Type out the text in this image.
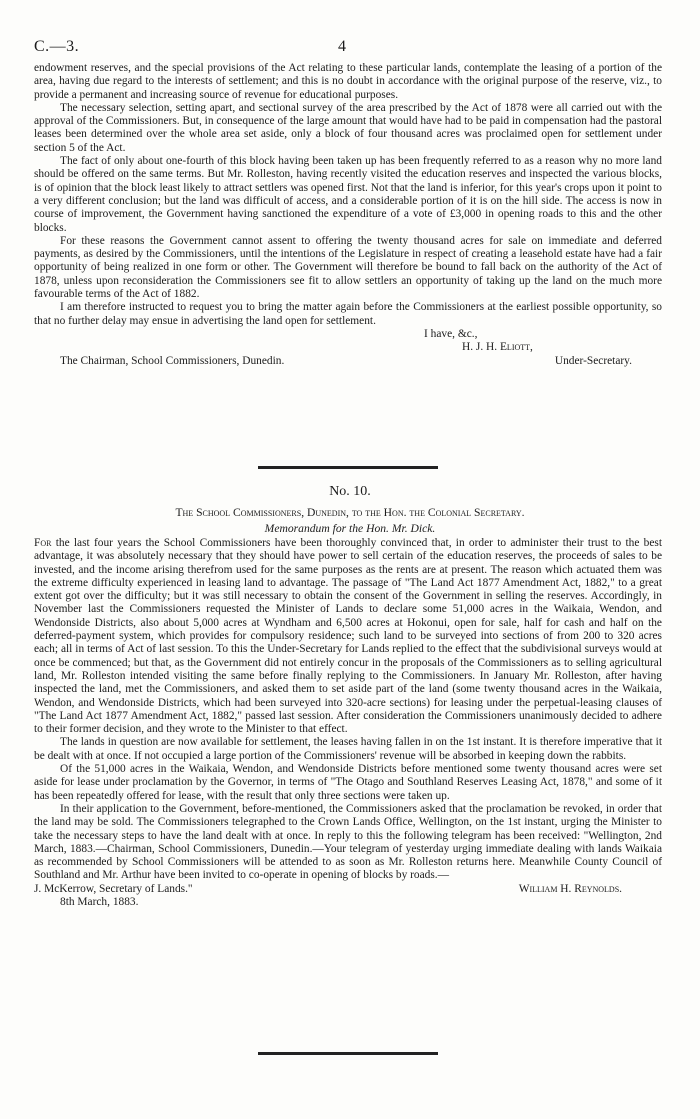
C.—3.	4

endowment reserves, and the special provisions of the Act relating to these particular lands, contemplate the leasing of a portion of the area, having due regard to the interests of settlement; and this is no doubt in accordance with the original purpose of the reserve, viz., to provide a permanent and increasing source of revenue for educational purposes.

The necessary selection, setting apart, and sectional survey of the area prescribed by the Act of 1878 were all carried out with the approval of the Commissioners. But, in consequence of the large amount that would have had to be paid in compensation had the pastoral leases been determined over the whole area set aside, only a block of four thousand acres was proclaimed open for settlement under section 5 of the Act.

The fact of only about one-fourth of this block having been taken up has been frequently referred to as a reason why no more land should be offered on the same terms. But Mr. Rolleston, having recently visited the education reserves and inspected the various blocks, is of opinion that the block least likely to attract settlers was opened first. Not that the land is inferior, for this year's crops upon it point to a very different conclusion; but the land was difficult of access, and a considerable portion of it is on the hill side. The access is now in course of improvement, the Government having sanctioned the expenditure of a vote of £3,000 in opening roads to this and the other blocks.

For these reasons the Government cannot assent to offering the twenty thousand acres for sale on immediate and deferred payments, as desired by the Commissioners, until the intentions of the Legislature in respect of creating a leasehold estate have had a fair opportunity of being realized in one form or other. The Government will therefore be bound to fall back on the authority of the Act of 1878, unless upon reconsideration the Commissioners see fit to allow settlers an opportunity of taking up the land on the much more favourable terms of the Act of 1882.

I am therefore instructed to request you to bring the matter again before the Commissioners at the earliest possible opportunity, so that no further delay may ensue in advertising the land open for settlement.

I have, &c.,
H. J. H. Eliott,
The Chairman, School Commissioners, Dunedin.	Under-Secretary.
No. 10.
The School Commissioners, Dunedin, to the Hon. the Colonial Secretary.
Memorandum for the Hon. Mr. Dick.

For the last four years the School Commissioners have been thoroughly convinced that, in order to administer their trust to the best advantage, it was absolutely necessary that they should have power to sell certain of the education reserves, the proceeds of sales to be invested, and the income arising therefrom used for the same purposes as the rents are at present. The reason which actuated them was the extreme difficulty experienced in leasing land to advantage. The passage of "The Land Act 1877 Amendment Act, 1882," to a great extent got over the difficulty; but it was still necessary to obtain the consent of the Government in selling the reserves. Accordingly, in November last the Commissioners requested the Minister of Lands to declare some 51,000 acres in the Waikaia, Wendon, and Wendonside Districts, also about 5,000 acres at Wyndham and 6,500 acres at Hokonui, open for sale, half for cash and half on the deferred-payment system, which provides for compulsory residence; such land to be surveyed into sections of from 200 to 320 acres each; all in terms of Act of last session. To this the Under-Secretary for Lands replied to the effect that the subdivisional surveys would at once be commenced; but that, as the Government did not entirely concur in the proposals of the Commissioners as to selling agricultural land, Mr. Rolleston intended visiting the same before finally replying to the Commissioners. In January Mr. Rolleston, after having inspected the land, met the Commissioners, and asked them to set aside part of the land (some twenty thousand acres in the Waikaia, Wendon, and Wendonside Districts, which had been surveyed into 320-acre sections) for leasing under the perpetual-leasing clauses of "The Land Act 1877 Amendment Act, 1882," passed last session. After consideration the Commissioners unanimously decided to adhere to their former decision, and they wrote to the Minister to that effect.

The lands in question are now available for settlement, the leases having fallen in on the 1st instant. It is therefore imperative that it be dealt with at once. If not occupied a large portion of the Commissioners' revenue will be absorbed in keeping down the rabbits.

Of the 51,000 acres in the Waikaia, Wendon, and Wendonside Districts before mentioned some twenty thousand acres were set aside for lease under proclamation by the Governor, in terms of "The Otago and Southland Reserves Leasing Act, 1878," and some of it has been repeatedly offered for lease, with the result that only three sections were taken up.

In their application to the Government, before-mentioned, the Commissioners asked that the proclamation be revoked, in order that the land may be sold. The Commissioners telegraphed to the Crown Lands Office, Wellington, on the 1st instant, urging the Minister to take the necessary steps to have the land dealt with at once. In reply to this the following telegram has been received: "Wellington, 2nd March, 1883.—Chairman, School Commissioners, Dunedin.—Your telegram of yesterday urging immediate dealing with lands Waikaia as recommended by School Commissioners will be attended to as soon as Mr. Rolleston returns here. Meanwhile County Council of Southland and Mr. Arthur have been invited to co-operate in opening of blocks by roads.—

J. McKerrow, Secretary of Lands."	William H. Reynolds.
8th March, 1883.
